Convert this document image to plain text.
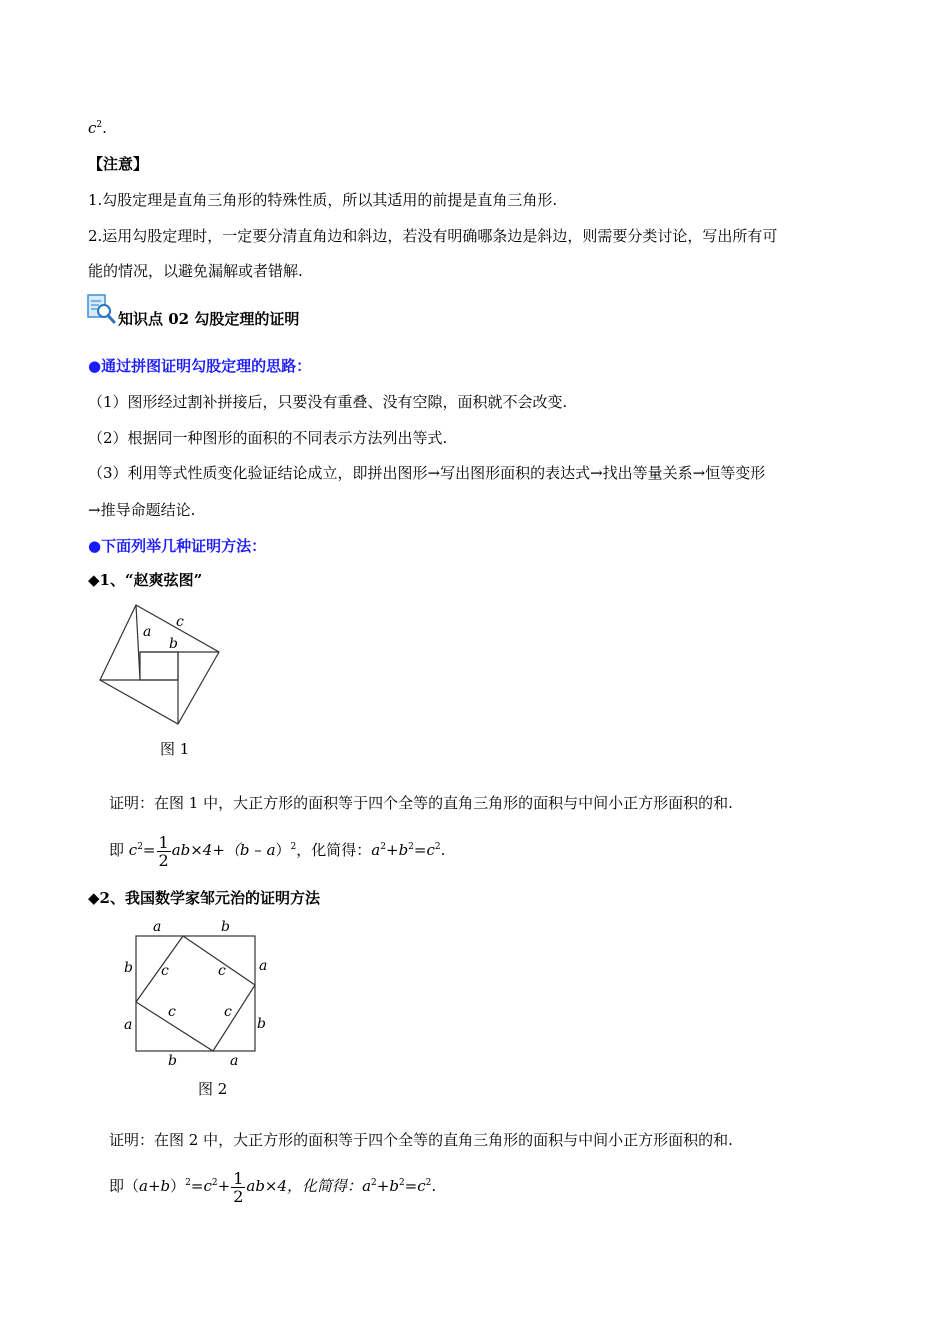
$c^2$.
【注意】
1.勾股定理是直角三角形的特殊性质，所以其适用的前提是直角三角形.
2.运用勾股定理时，一定要分清直角边和斜边，若没有明确哪条边是斜边，则需要分类讨论，写出所有可
能的情况，以避免漏解或者错解.
知识点 02 勾股定理的证明
●通过拼图证明勾股定理的思路：
（1）图形经过割补拼接后，只要没有重叠、没有空隙，面积就不会改变.
（2）根据同一种图形的面积的不同表示方法列出等式.
（3）利用等式性质变化验证结论成立，即拼出图形→写出图形面积的表达式→找出等量关系→恒等变形
→推导命题结论.
●下面列举几种证明方法：
◆1、“赵爽弦图”
a
b
c
图 1
证明：在图 1 中，大正方形的面积等于四个全等的直角三角形的面积与中间小正方形面积的和.
即 $c^2= \frac{1}{2} ab\times 4+(b - a)^2$，化简得：$a^2+b^2=c^2$.
◆2、我国数学家邹元治的证明方法
a	b
b
a
a
b
b	a
c	c
c	c
图 2
证明：在图 2 中，大正方形的面积等于四个全等的直角三角形的面积与中间小正方形面积的和.
即$(a+b)^2=c^2+ \frac{1}{2} ab\times 4$，化简得：$a^2+b^2=c^2$.
